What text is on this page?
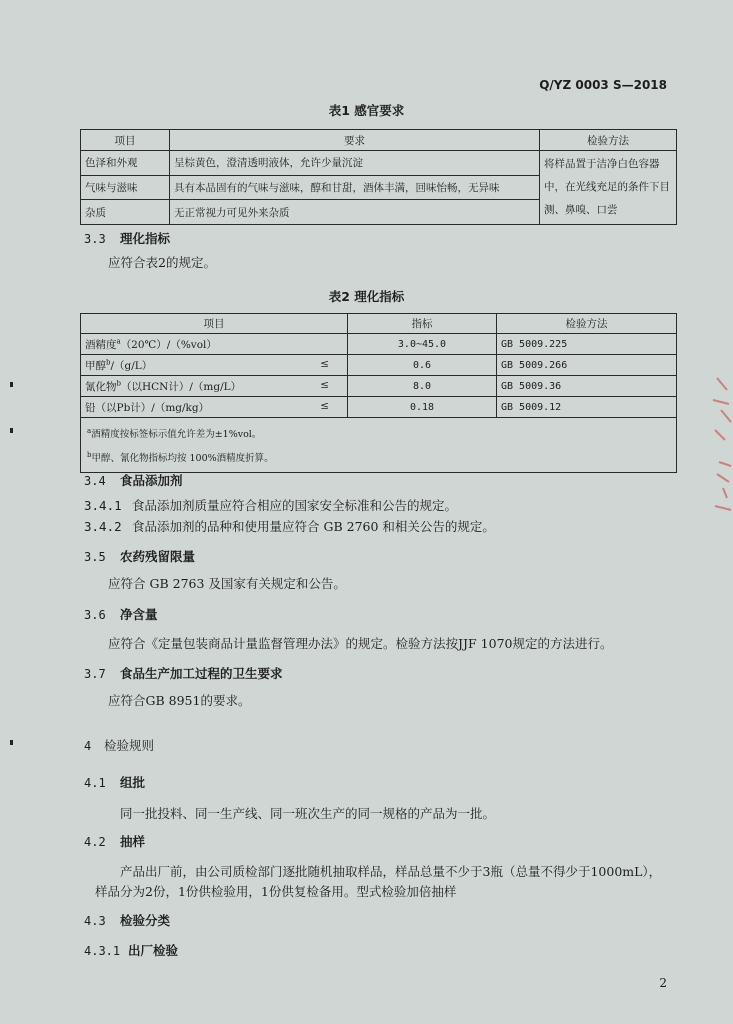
Q/YZ 0003 S—2018
表1 感官要求
项目	要求	检验方法
色泽和外观	呈棕黄色，澄清透明液体，允许少量沉淀	将样品置于洁净白色容器中，在光线充足的条件下目测、鼻嗅、口尝
气味与滋味	具有本品固有的气味与滋味，醇和甘甜，酒体丰满，回味怡畅，无异味	
杂质	无正常视力可见外来杂质	
3.3 理化指标
应符合表2的规定。
表2 理化指标
项目	指标	检验方法
酒精度$^a$（20℃）/（%vol）	3.0~45.0	GB 5009.225
甲醇$^b$/（g/L） ≤	0.6	GB 5009.266
氰化物$^b$（以HCN计）/（mg/L） ≤	8.0	GB 5009.36
铅（以Pb计）/（mg/kg） ≤	0.18	GB 5009.12

$^a$酒精度按标签标示值允许差为±1%vol。
$^b$甲醇、氰化物指标均按 100%酒精度折算。		
3.4 食品添加剂
3.4.1 食品添加剂质量应符合相应的国家安全标准和公告的规定。
3.4.2 食品添加剂的品种和使用量应符合 GB 2760 和相关公告的规定。
3.5 农药残留限量
应符合 GB 2763 及国家有关规定和公告。
3.6 净含量
应符合《定量包装商品计量监督管理办法》的规定。检验方法按JJF 1070规定的方法进行。
3.7 食品生产加工过程的卫生要求
应符合GB 8951的要求。
4 检验规则
4.1 组批
同一批投料、同一生产线、同一班次生产的同一规格的产品为一批。
4.2 抽样
产品出厂前，由公司质检部门逐批随机抽取样品，样品总量不少于3瓶（总量不得少于1000mL），
样品分为2份，1份供检验用，1份供复检备用。型式检验加倍抽样
4.3 检验分类
4.3.1 出厂检验
2
